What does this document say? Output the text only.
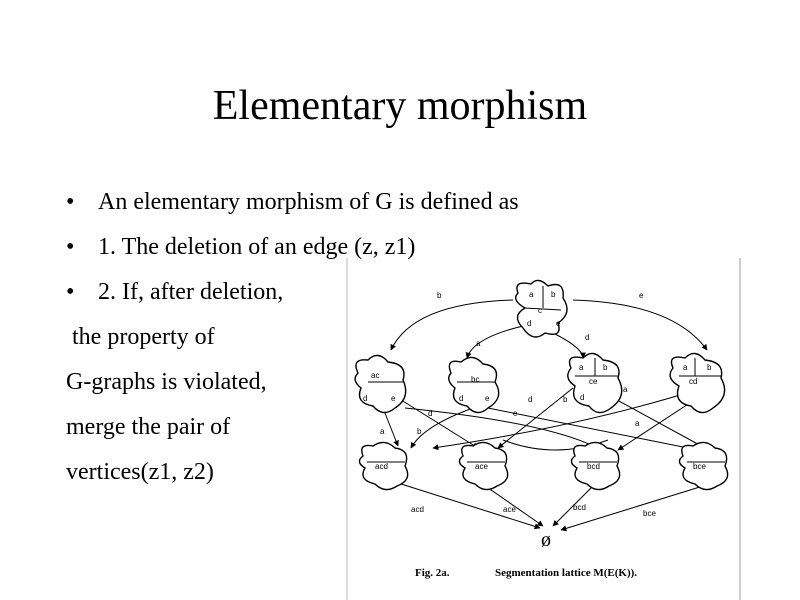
Elementary morphism
• An elementary morphism of G is defined as
• 1. The deletion of an edge (z, z1)
• 2. If, after deletion,
the property of
G-graphs is violated,
merge the pair of
vertices(z1, z2)
a b
c
d	e
ac
d	e
bc
d	e
a b
ce
d
a b
cd
acd	ace	bcd	bce
b	e
a
d
d
a	b
d
e
b
a
a
acd	ace	bcd
bce
ø
Fig. 2a.	Segmentation lattice M(E(K)).
